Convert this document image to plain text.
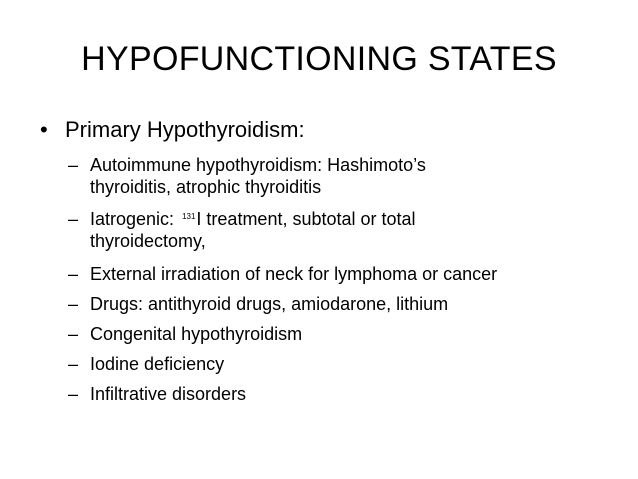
HYPOFUNCTIONING STATES
• Primary Hypothyroidism:
– Autoimmune hypothyroidism: Hashimoto’s
thyroiditis, atrophic thyroiditis
– Iatrogenic: $^{131}$I treatment, subtotal or total
thyroidectomy,
– External irradiation of neck for lymphoma or cancer
– Drugs: antithyroid drugs, amiodarone, lithium
– Congenital hypothyroidism
– Iodine deficiency
– Infiltrative disorders
